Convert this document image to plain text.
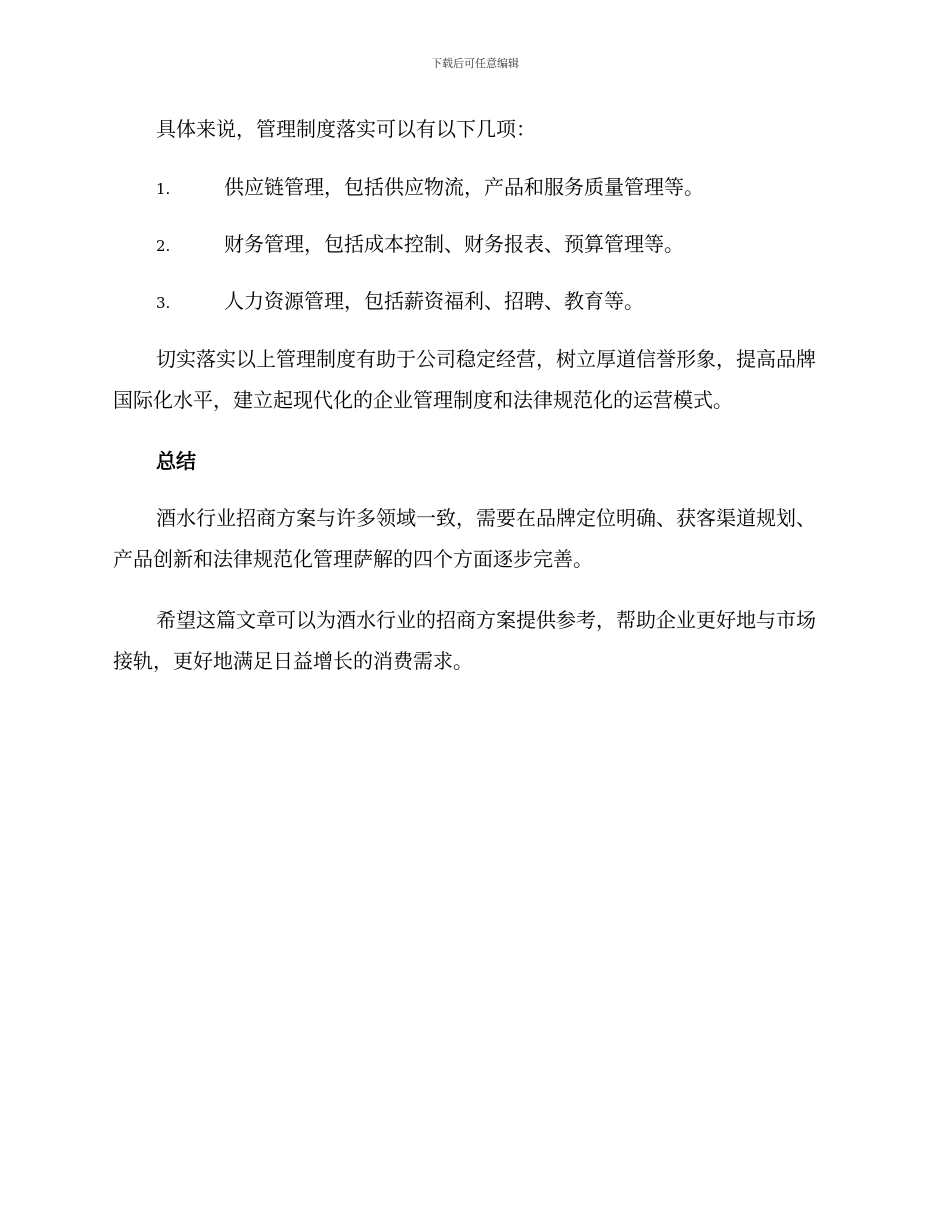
下载后可任意编辑

具体来说，管理制度落实可以有以下几项：

1.	供应链管理，包括供应物流，产品和服务质量管理等。
2.	财务管理，包括成本控制、财务报表、预算管理等。
3.	人力资源管理，包括薪资福利、招聘、教育等。

切实落实以上管理制度有助于公司稳定经营，树立厚道信誉形象，提高品牌国际化水平，建立起现代化的企业管理制度和法律规范化的运营模式。

总结

酒水行业招商方案与许多领域一致，需要在品牌定位明确、获客渠道规划、产品创新和法律规范化管理萨解的四个方面逐步完善。

希望这篇文章可以为酒水行业的招商方案提供参考，帮助企业更好地与市场接轨，更好地满足日益增长的消费需求。
